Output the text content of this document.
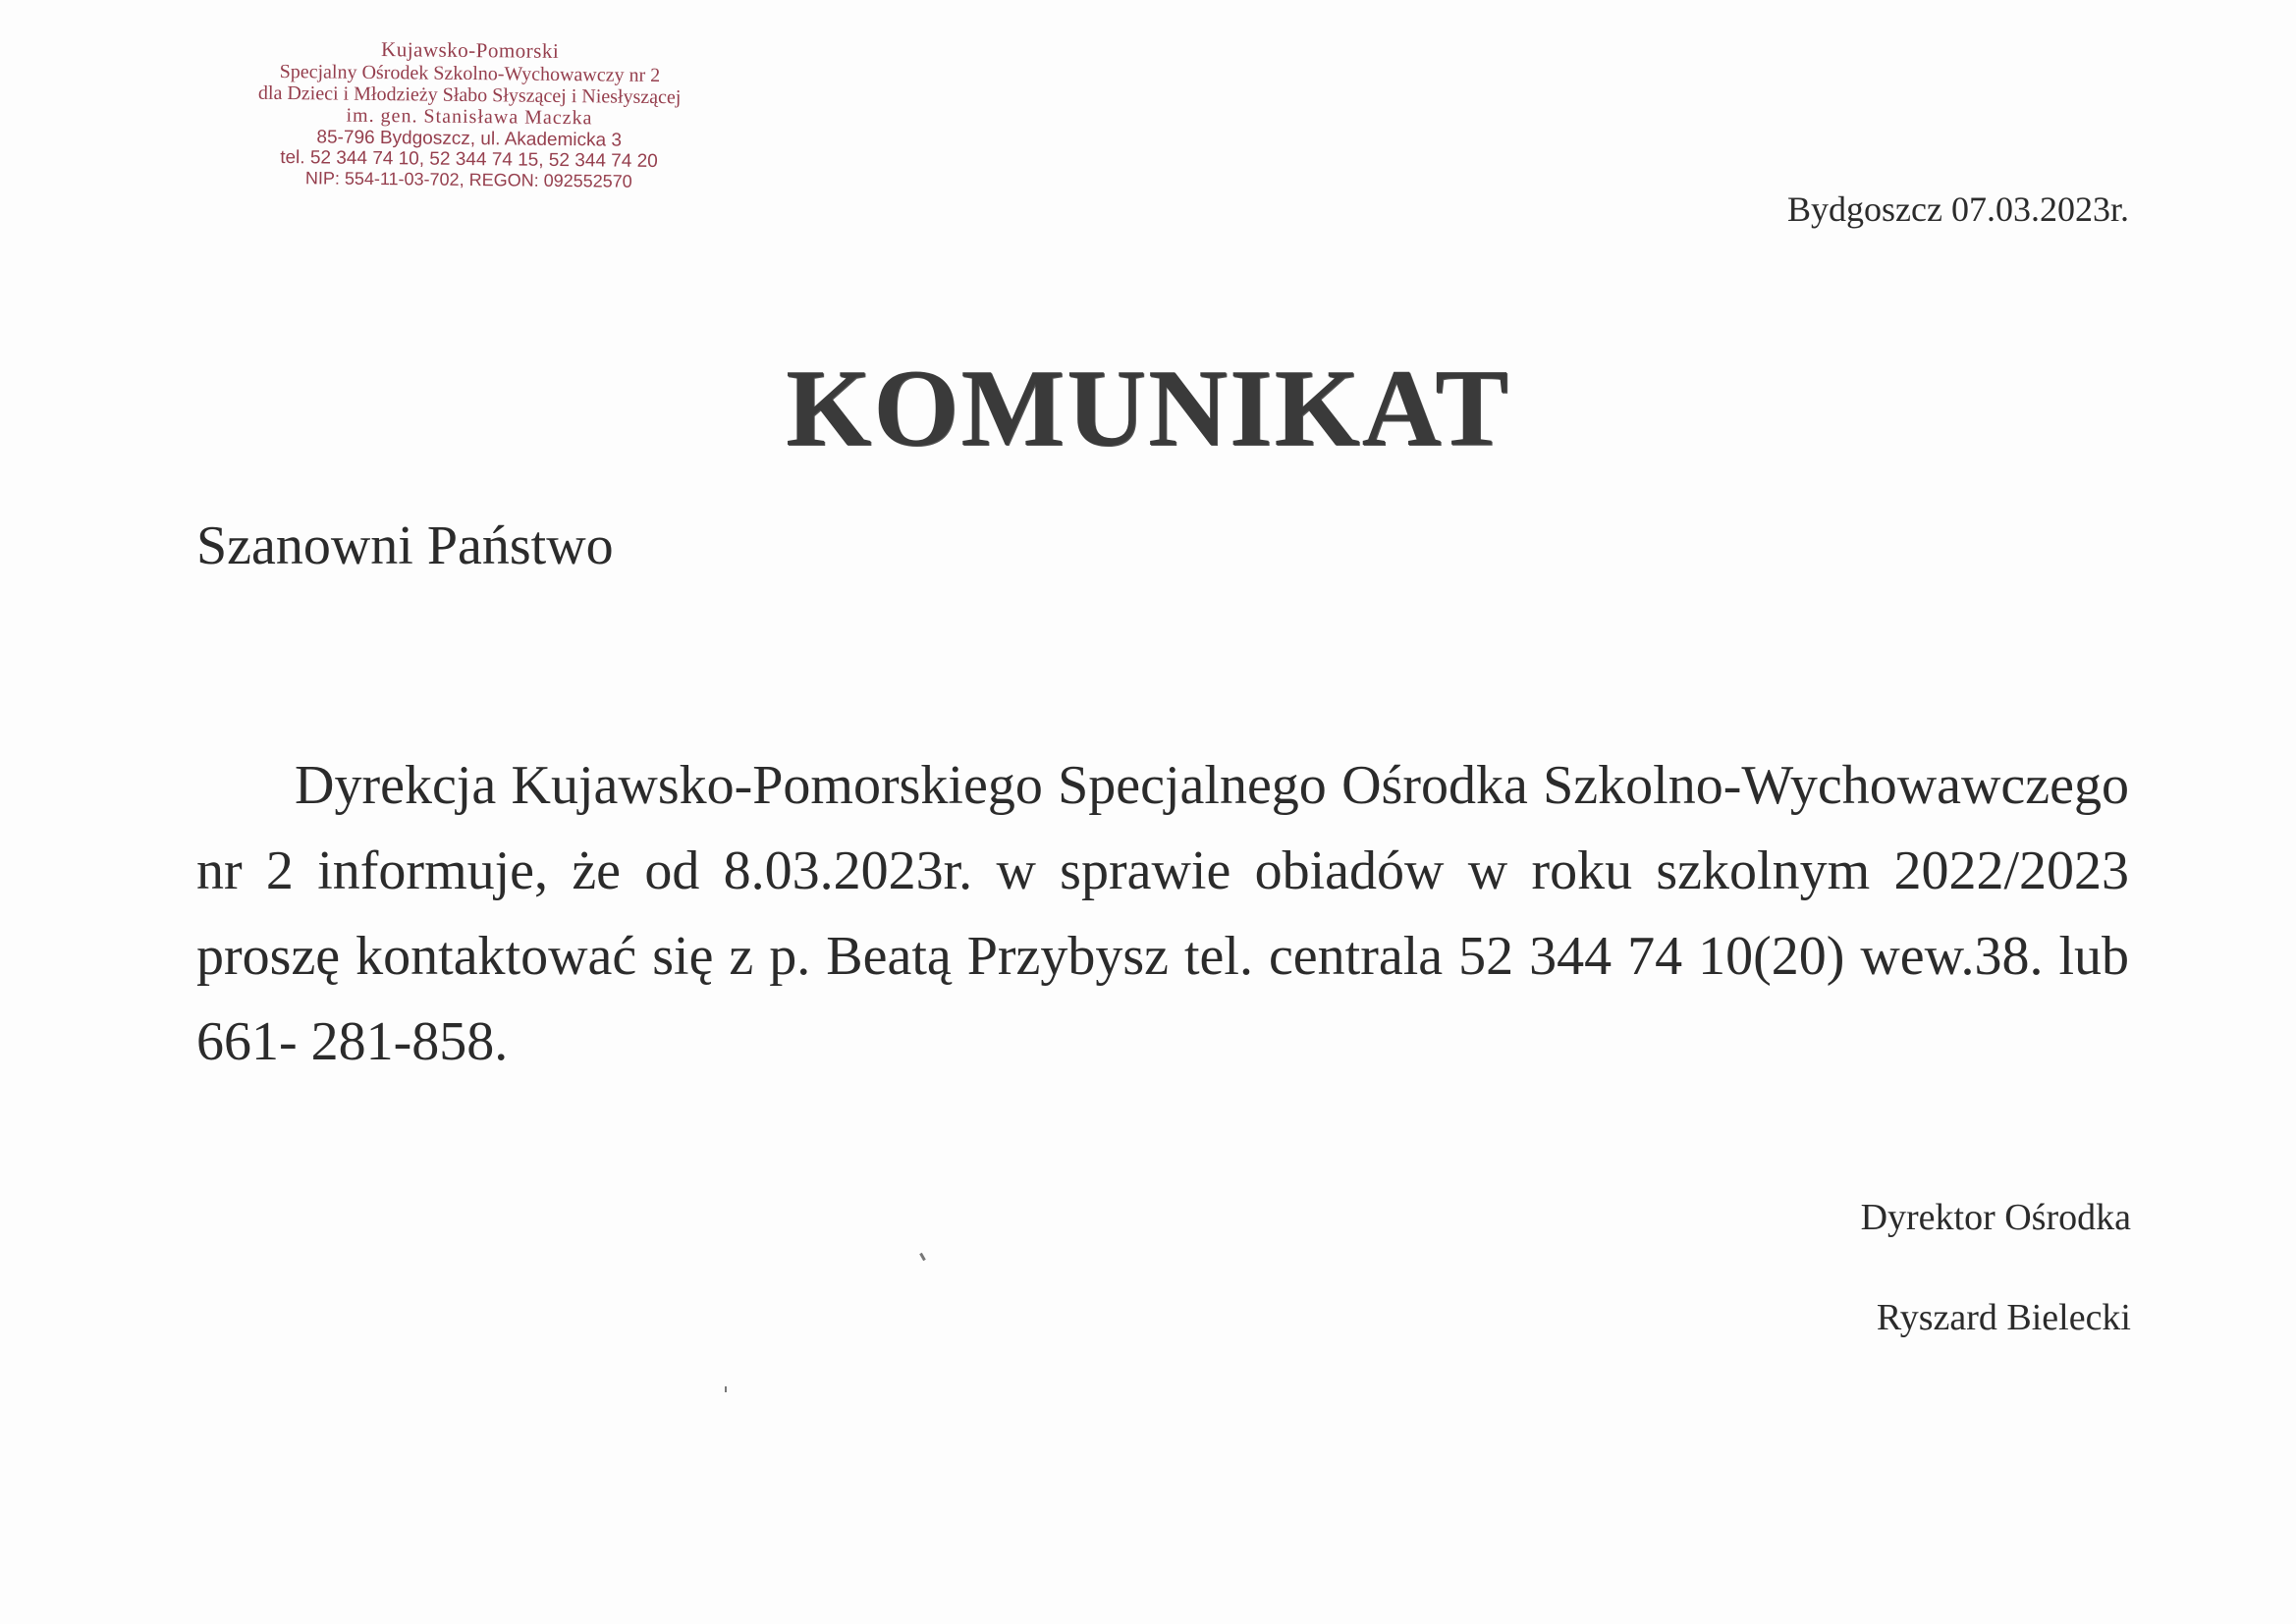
Kujawsko-Pomorski
Specjalny Ośrodek Szkolno-Wychowawczy nr 2
dla Dzieci i Młodzieży Słabo Słyszącej i Niesłyszącej
im. gen. Stanisława Maczka
85-796 Bydgoszcz, ul. Akademicka 3
tel. 52 344 74 10, 52 344 74 15, 52 344 74 20
NIP: 554-11-03-702, REGON: 092552570
Bydgoszcz 07.03.2023r.
KOMUNIKAT
Szanowni Państwo
Dyrekcja Kujawsko-Pomorskiego Specjalnego Ośrodka Szkolno-Wychowawczego nr 2 informuje, że od 8.03.2023r. w sprawie obiadów w roku szkolnym 2022/2023 proszę kontaktować się z p. Beatą Przybysz tel. centrala 52 344 74 10(20) wew.38. lub 661- 281-858.
Dyrektor Ośrodka
Ryszard Bielecki
